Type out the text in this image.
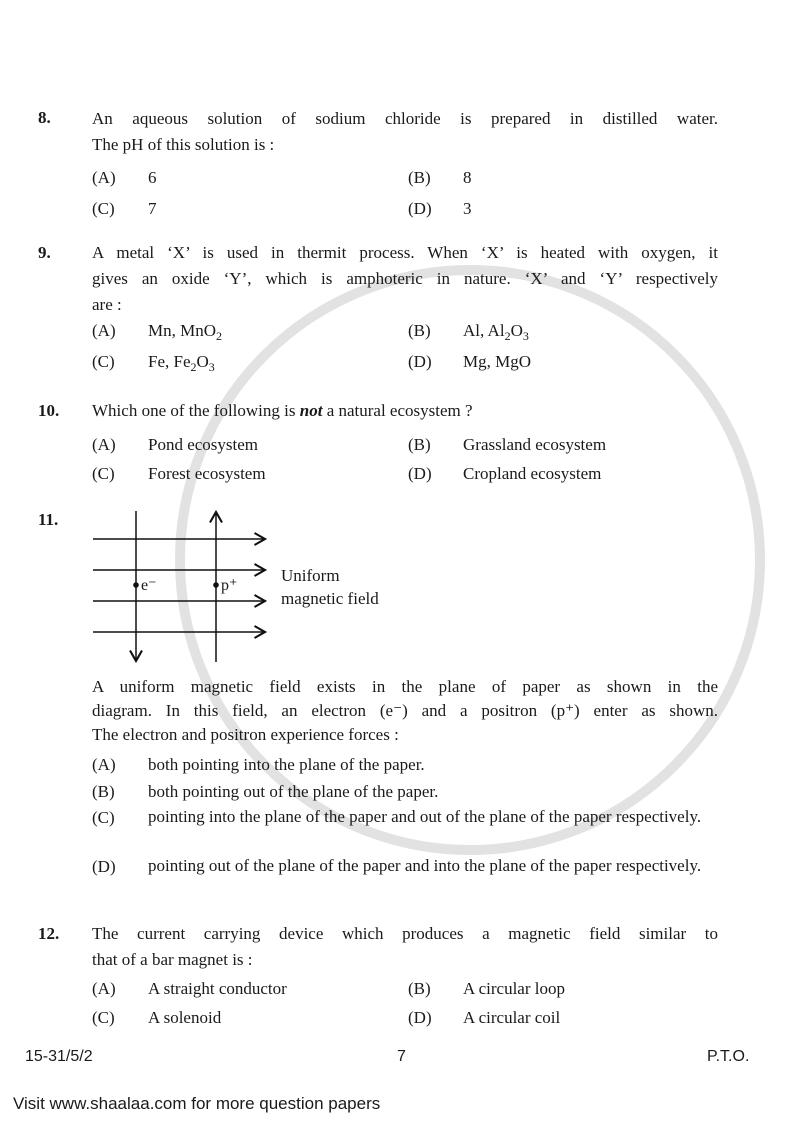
8. An aqueous solution of sodium chloride is prepared in distilled water.
The pH of this solution is :
(A) 6	(B) 8
(C) 7	(D) 3
9. A metal ‘X’ is used in thermit process. When ‘X’ is heated with oxygen, it
gives an oxide ‘Y’, which is amphoteric in nature. ‘X’ and ‘Y’ respectively
are :
(A) Mn, MnO$_2$	(B) Al, $Al_2O_3$
(C) Fe, $Fe_2O_3$	(D) Mg, MgO
10. Which one of the following is not a natural ecosystem ?
(A) Pond ecosystem	(B) Grassland ecosystem
(C) Forest ecosystem	(D) Cropland ecosystem
11.
e⁻	p⁺
Uniform
magnetic field
A uniform magnetic field exists in the plane of paper as shown in the
diagram. In this field, an electron (e⁻) and a positron (p⁺) enter as shown.
The electron and positron experience forces :
(A) both pointing into the plane of the paper.
(B) both pointing out of the plane of the paper.
(C) pointing into the plane of the paper and out of the plane of the paper respectively.
(D) pointing out of the plane of the paper and into the plane of the paper respectively.
12. The current carrying device which produces a magnetic field similar to
that of a bar magnet is :
(A) A straight conductor	(B) A circular loop
(C) A solenoid	(D) A circular coil
15-31/5/2	7	P.T.O.
Visit www.shaalaa.com for more question papers
